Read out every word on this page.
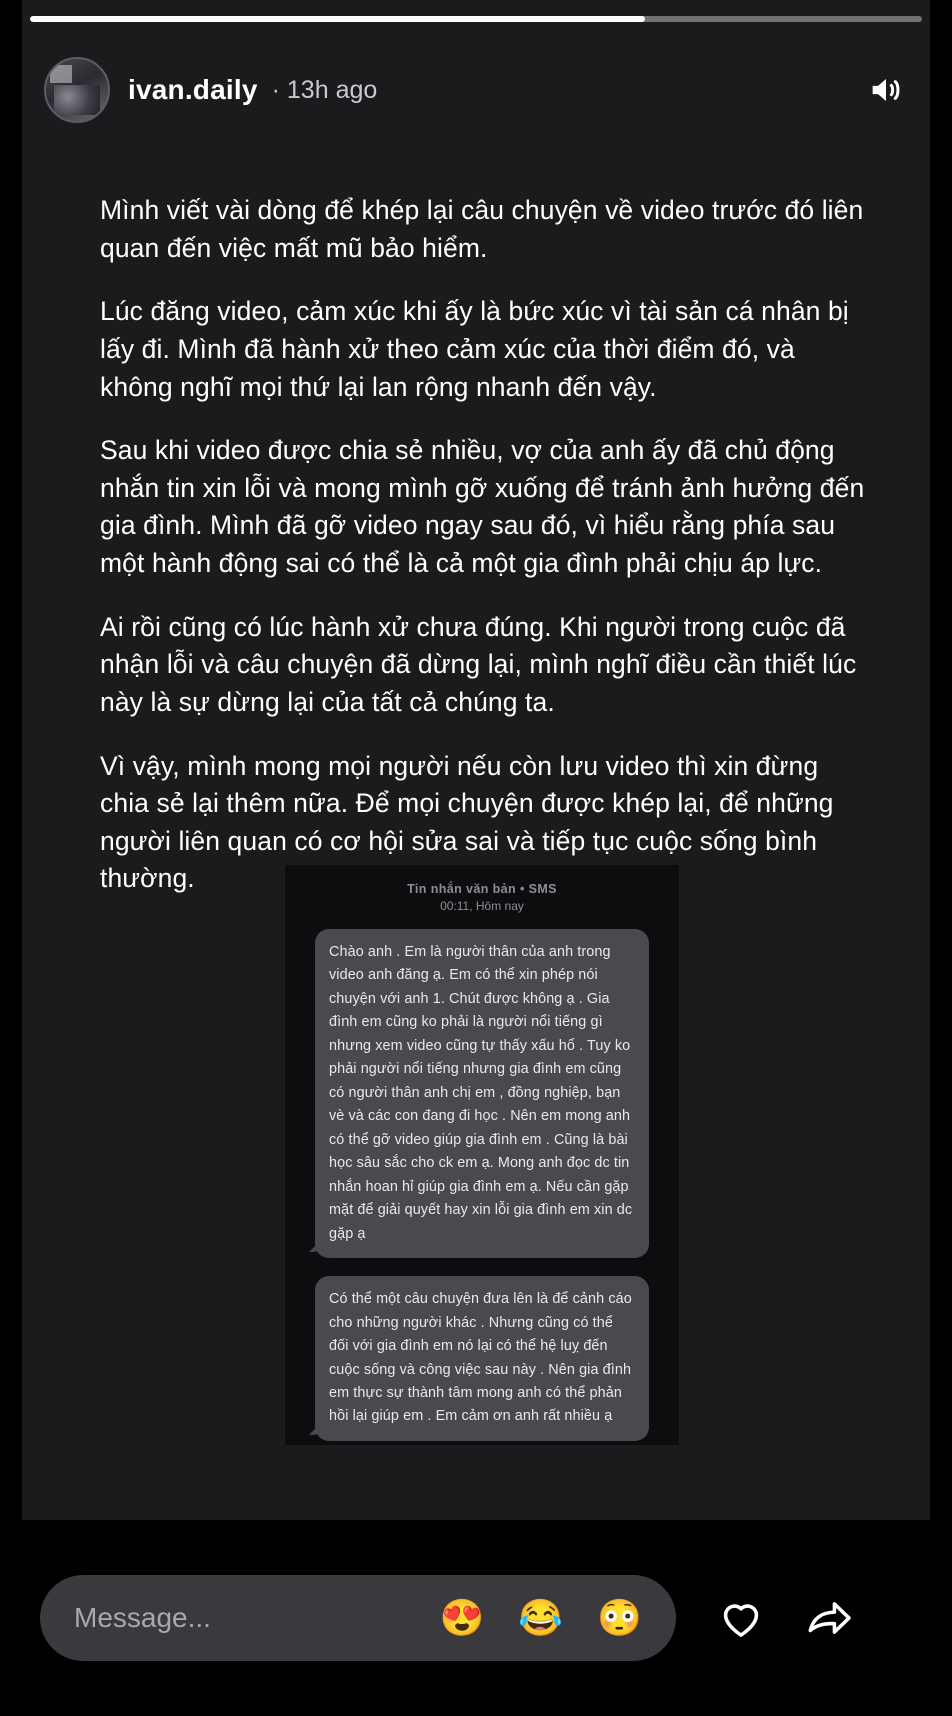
ivan.daily · 13h ago

Mình viết vài dòng để khép lại câu chuyện về video trước đó liên quan đến việc mất mũ bảo hiểm.

Lúc đăng video, cảm xúc khi ấy là bức xúc vì tài sản cá nhân bị lấy đi. Mình đã hành xử theo cảm xúc của thời điểm đó, và không nghĩ mọi thứ lại lan rộng nhanh đến vậy.

Sau khi video được chia sẻ nhiều, vợ của anh ấy đã chủ động nhắn tin xin lỗi và mong mình gỡ xuống để tránh ảnh hưởng đến gia đình. Mình đã gỡ video ngay sau đó, vì hiểu rằng phía sau một hành động sai có thể là cả một gia đình phải chịu áp lực.

Ai rồi cũng có lúc hành xử chưa đúng. Khi người trong cuộc đã nhận lỗi và câu chuyện đã dừng lại, mình nghĩ điều cần thiết lúc này là sự dừng lại của tất cả chúng ta.

Vì vậy, mình mong mọi người nếu còn lưu video thì xin đừng chia sẻ lại thêm nữa. Để mọi chuyện được khép lại, để những người liên quan có cơ hội sửa sai và tiếp tục cuộc sống bình thường.	Tin nhắn văn bản • SMS
00:11, Hôm nay
Chào anh . Em là người thân của anh trong video anh đăng ạ. Em có thể xin phép nói chuyện với anh 1. Chút được không ạ . Gia đình em cũng ko phải là người nổi tiếng gì nhưng xem video cũng tự thấy xấu hổ . Tuy ko phải người nổi tiếng nhưng gia đình em cũng có người thân anh chị em , đồng nghiệp, bạn vè và các con đang đi học . Nên em mong anh có thể gỡ video giúp gia đình em . Cũng là bài học sâu sắc cho ck em ạ. Mong anh đọc dc tin nhắn hoan hỉ giúp gia đình em ạ. Nếu cần gặp mặt để giải quyết hay xin lỗi gia đình em xin dc gặp ạ
Có thể một câu chuyện đưa lên là để cảnh cáo cho những người khác . Nhưng cũng có thể đối với gia đình em nó lại có thể hệ luỵ đến cuộc sống và công việc sau này . Nên gia đình em thực sự thành tâm mong anh có thể phản hồi lại giúp em . Em cảm ơn anh rất nhiều ạ
Message...	😍 😂 😳
